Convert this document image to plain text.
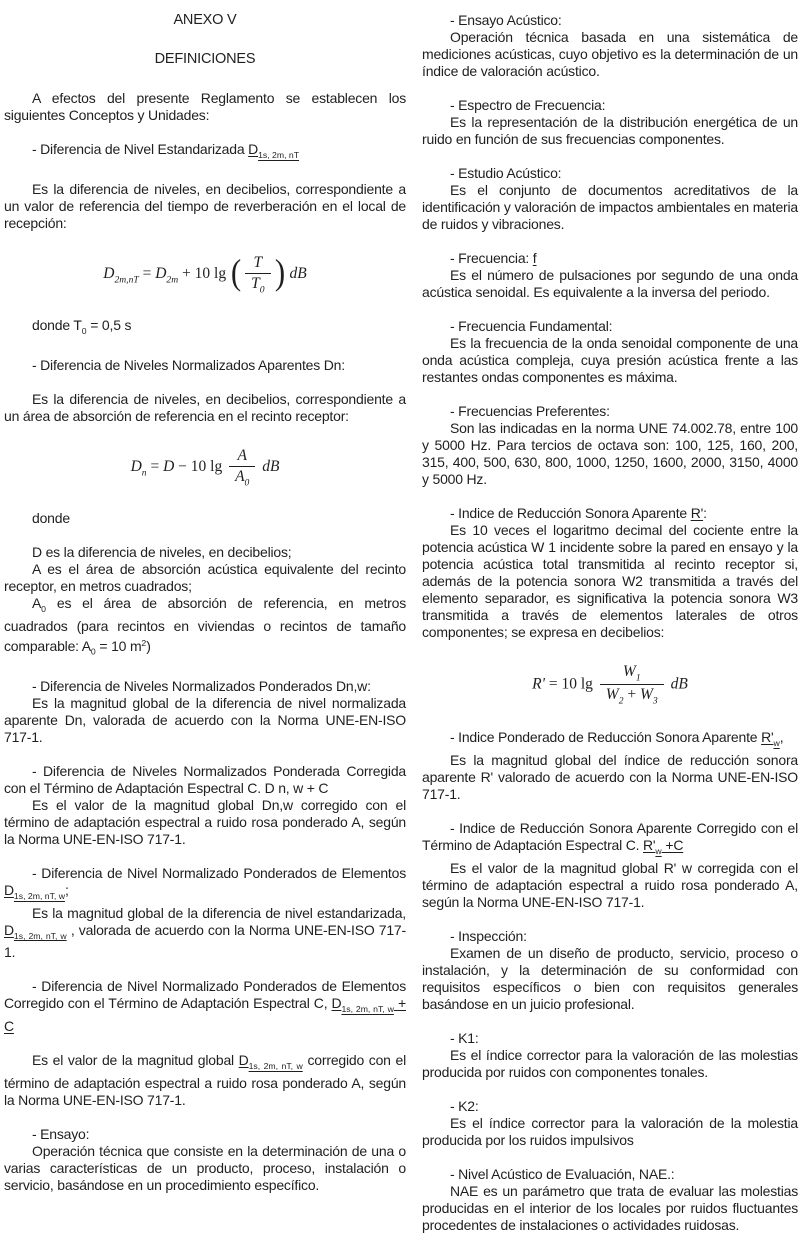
ANEXO V
DEFINICIONES
A efectos del presente Reglamento se establecen los siguientes Conceptos y Unidades:
- Diferencia de Nivel Estandarizada $D_{1s, 2m, nT}$
Es la diferencia de niveles, en decibelios, correspondiente a un valor de referencia del tiempo de reverberación en el local de recepción:
$D_{2m,nT} = D_{2m} + 10$ lg ( $\frac{T}{T_0}$ ) dB
donde $T_0 = 0,5$ s
- Diferencia de Niveles Normalizados Aparentes Dn:
Es la diferencia de niveles, en decibelios, correspondiente a un área de absorción de referencia en el recinto receptor:
$D_n = D - 10$ $\lg \frac{A}{A_0}$ dB
donde
D es la diferencia de niveles, en decibelios;
A es el área de absorción acústica equivalente del recinto receptor, en metros cuadrados;
$A_0$ es el área de absorción de referencia, en metros cuadrados (para recintos en viviendas o recintos de tamaño comparable: $A_0 = 10$ $m^2$)
- Diferencia de Niveles Normalizados Ponderados Dn,w:
Es la magnitud global de la diferencia de nivel normalizada aparente Dn, valorada de acuerdo con la Norma UNE-EN-ISO 717-1.
- Diferencia de Niveles Normalizados Ponderada Corregida con el Término de Adaptación Espectral C. D n, w + C
Es el valor de la magnitud global Dn,w corregido con el término de adaptación espectral a ruido rosa ponderado A, según la Norma UNE-EN-ISO 717-1.
- Diferencia de Nivel Normalizado Ponderados de Elementos $D_{1s, 2m, nT, w}$;
Es la magnitud global de la diferencia de nivel estandarizada, $D_{1s, 2m, nT, w}$ , valorada de acuerdo con la Norma UNE-EN-ISO 717-1.
- Diferencia de Nivel Normalizado Ponderados de Elementos Corregido con el Término de Adaptación Espectral C, $D_{1s, 2m, nT, w} + C$
Es el valor de la magnitud global $D_{1s, 2m, nT, w}$ corregido con el término de adaptación espectral a ruido rosa ponderado A, según la Norma UNE-EN-ISO 717-1.
- Ensayo:
Operación técnica que consiste en la determinación de una o varias características de un producto, proceso, instalación o servicio, basándose en un procedimiento específico.
- Ensayo Acústico:
Operación técnica basada en una sistemática de mediciones acústicas, cuyo objetivo es la determinación de un índice de valoración acústico.
- Espectro de Frecuencia:
Es la representación de la distribución energética de un ruido en función de sus frecuencias componentes.
- Estudio Acústico:
Es el conjunto de documentos acreditativos de la identificación y valoración de impactos ambientales en materia de ruidos y vibraciones.
- Frecuencia: f
Es el número de pulsaciones por segundo de una onda acústica senoidal. Es equivalente a la inversa del periodo.
- Frecuencia Fundamental:
Es la frecuencia de la onda senoidal componente de una onda acústica compleja, cuya presión acústica frente a las restantes ondas componentes es máxima.
- Frecuencias Preferentes:
Son las indicadas en la norma UNE 74.002.78, entre 100 y 5000 Hz. Para tercios de octava son: 100, 125, 160, 200, 315, 400, 500, 630, 800, 1000, 1250, 1600, 2000, 3150, 4000 y 5000 Hz.
- Indice de Reducción Sonora Aparente R':
Es 10 veces el logaritmo decimal del cociente entre la potencia acústica W 1 incidente sobre la pared en ensayo y la potencia acústica total transmitida al recinto receptor si, además de la potencia sonora W2 transmitida a través del elemento separador, es significativa la potencia sonora W3 transmitida a través de elementos laterales de otros componentes; se expresa en decibelios:
R' = 10 $\lg \frac{W_1}{W_2 + W_3}$ dB
- Indice Ponderado de Reducción Sonora Aparente $R'_w$,
Es la magnitud global del índice de reducción sonora aparente R' valorado de acuerdo con la Norma UNE-EN-ISO 717-1.
- Indice de Reducción Sonora Aparente Corregido con el Término de Adaptación Espectral C. $R'_w +C$
Es el valor de la magnitud global R' w corregida con el término de adaptación espectral a ruido rosa ponderado A, según la Norma UNE-EN-ISO 717-1.
- Inspección:
Examen de un diseño de producto, servicio, proceso o instalación, y la determinación de su conformidad con requisitos específicos o bien con requisitos generales basándose en un juicio profesional.
- K1:
Es el índice corrector para la valoración de las molestias producida por ruidos con componentes tonales.
- K2:
Es el índice corrector para la valoración de la molestia producida por los ruidos impulsivos
- Nivel Acústico de Evaluación, NAE.:
NAE es un parámetro que trata de evaluar las molestias producidas en el interior de los locales por ruidos fluctuantes procedentes de instalaciones o actividades ruidosas.
